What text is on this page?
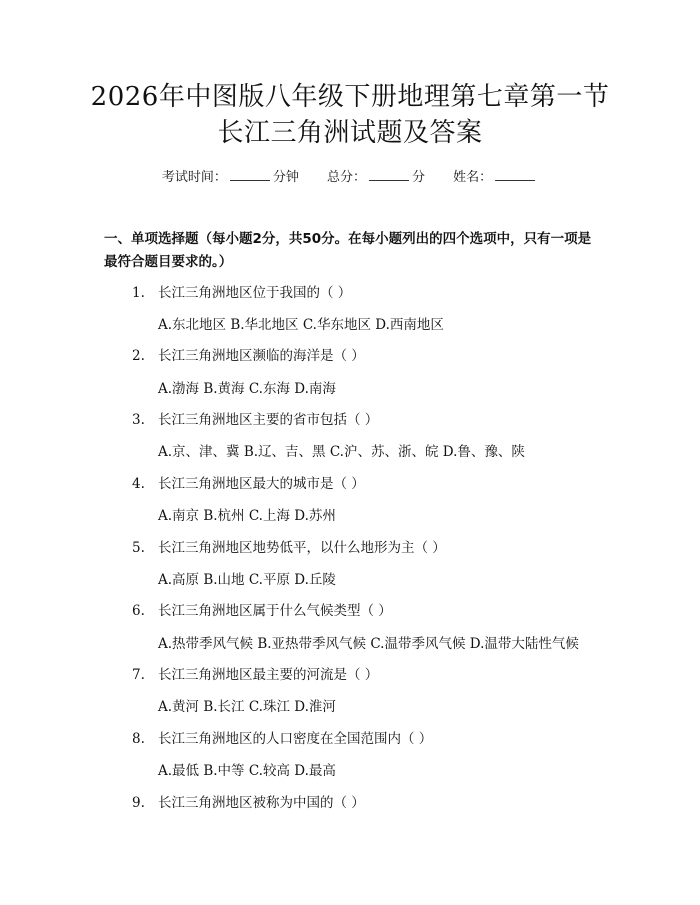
2026年中图版八年级下册地理第七章第一节
长江三角洲试题及答案
考试时间：	分钟 总分：	分 姓名：
一、单项选择题（每小题2分，共50分。在每小题列出的四个选项中，只有一项是最符合题目要求的。）
1. 长江三角洲地区位于我国的（ ）
A.东北地区 B.华北地区 C.华东地区 D.西南地区
2. 长江三角洲地区濒临的海洋是（ ）
A.渤海 B.黄海 C.东海 D.南海
3. 长江三角洲地区主要的省市包括（ ）
A.京、津、冀 B.辽、吉、黑 C.沪、苏、浙、皖 D.鲁、豫、陕
4. 长江三角洲地区最大的城市是（ ）
A.南京 B.杭州 C.上海 D.苏州
5. 长江三角洲地区地势低平，以什么地形为主（ ）
A.高原 B.山地 C.平原 D.丘陵
6. 长江三角洲地区属于什么气候类型（ ）
A.热带季风气候 B.亚热带季风气候 C.温带季风气候 D.温带大陆性气候
7. 长江三角洲地区最主要的河流是（ ）
A.黄河 B.长江 C.珠江 D.淮河
8. 长江三角洲地区的人口密度在全国范围内（ ）
A.最低 B.中等 C.较高 D.最高
9. 长江三角洲地区被称为中国的（ ）
